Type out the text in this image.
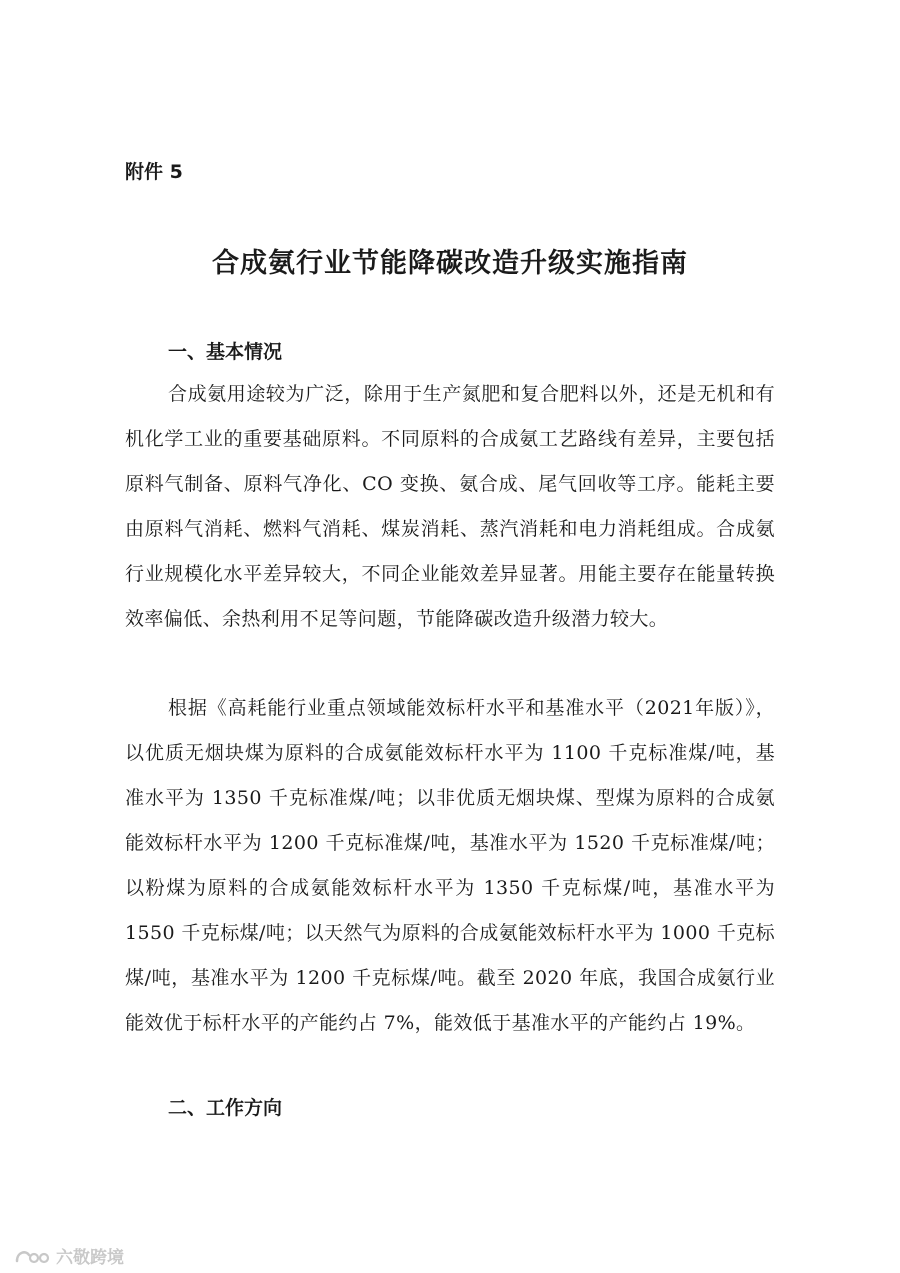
附件 5

合成氨行业节能降碳改造升级实施指南
一、基本情况

合成氨用途较为广泛，除用于生产氮肥和复合肥料以外，还是无机和有机化学工业的重要基础原料。不同原料的合成氨工艺路线有差异，主要包括原料气制备、原料气净化、CO 变换、氨合成、尾气回收等工序。能耗主要由原料气消耗、燃料气消耗、煤炭消耗、蒸汽消耗和电力消耗组成。合成氨行业规模化水平差异较大，不同企业能效差异显著。用能主要存在能量转换效率偏低、余热利用不足等问题，节能降碳改造升级潜力较大。

根据《高耗能行业重点领域能效标杆水平和基准水平（2021年版）》，以优质无烟块煤为原料的合成氨能效标杆水平为 1100 千克标准煤/吨，基准水平为 1350 千克标准煤/吨；以非优质无烟块煤、型煤为原料的合成氨能效标杆水平为 1200 千克标准煤/吨，基准水平为 1520 千克标准煤/吨；以粉煤为原料的合成氨能效标杆水平为 1350 千克标煤/吨，基准水平为 1550 千克标煤/吨；以天然气为原料的合成氨能效标杆水平为 1000 千克标煤/吨，基准水平为 1200 千克标煤/吨。截至 2020 年底，我国合成氨行业能效优于标杆水平的产能约占 7%，能效低于基准水平的产能约占 19%。

二、工作方向
六敬跨境
